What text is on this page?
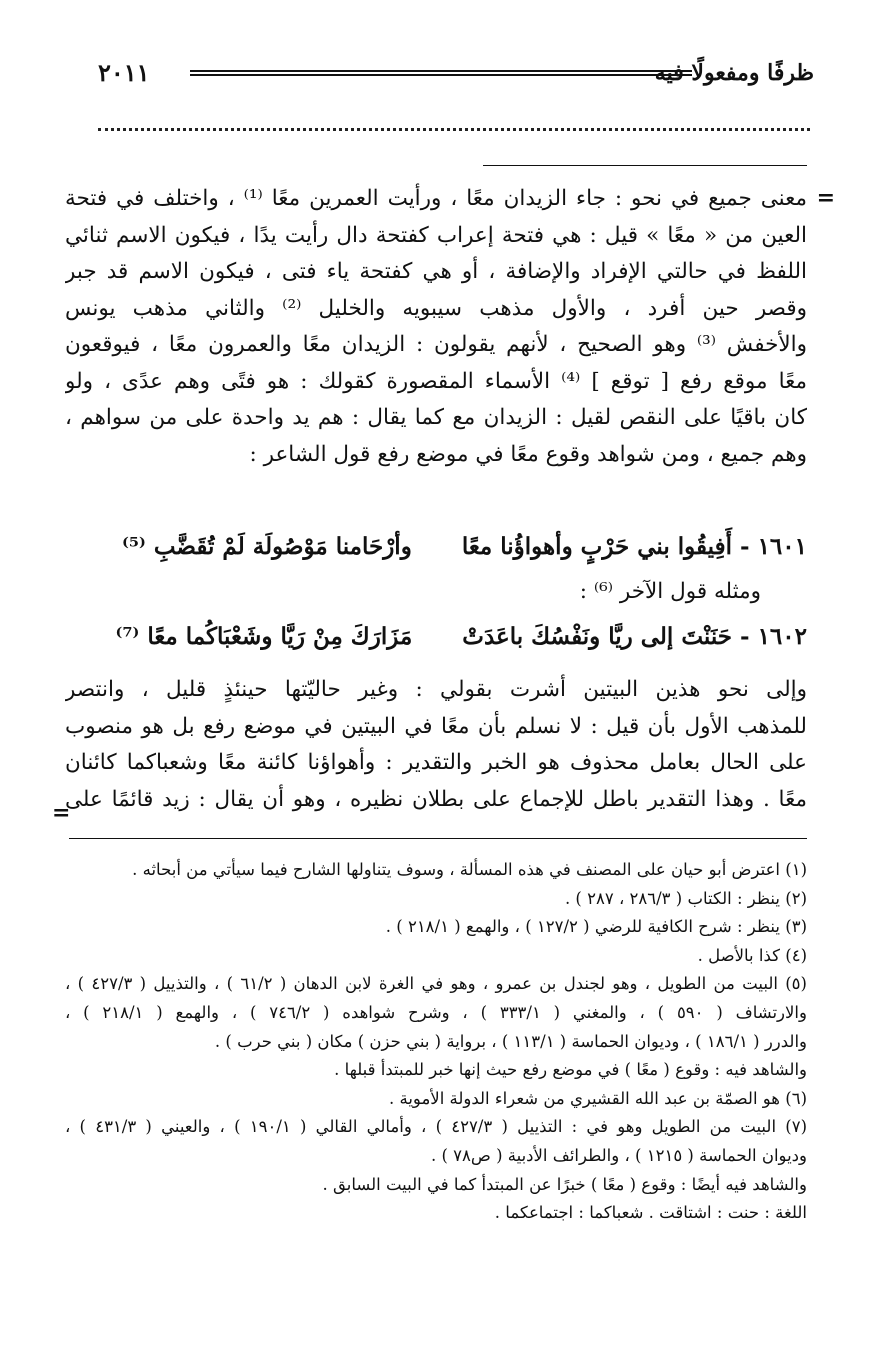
ظرفًا ومفعولًا فيه
٢٠١١
=
معنى جميع في نحو : جاء الزيدان معًا ، ورأيت العمرين معًا ⁽¹⁾ ، واختلف في فتحة
العين من « معًا » قيل : هي فتحة إعراب كفتحة دال رأيت يدًا ، فيكون الاسم ثنائي
اللفظ في حالتي الإفراد والإضافة ، أو هي كفتحة ياء فتى ، فيكون الاسم قد جبر
وقصر حين أفرد ، والأول مذهب سيبويه والخليل ⁽²⁾ والثاني مذهب يونس
والأخفش ⁽³⁾ وهو الصحيح ، لأنهم يقولون : الزيدان معًا والعمرون معًا ، فيوقعون
معًا موقع رفع [ توقع ] ⁽⁴⁾ الأسماء المقصورة كقولك : هو فتًى وهم عدًى ، ولو
كان باقيًا على النقص لقيل : الزيدان مع كما يقال : هم يد واحدة على من سواهم ،
وهم جميع ، ومن شواهد وقوع معًا في موضع رفع قول الشاعر :
١٦٠١ - أَفِيقُوا بني حَرْبٍ وأهواؤُنا معًا  وأرْحَامنا مَوْصُولَة لَمْ تُقَضَّبِ ⁽⁵⁾
ومثله قول الآخر ⁽⁶⁾ :
١٦٠٢ - حَنَنْتَ إلى ريَّا ونَفْسُكَ باعَدَتْ  مَزَارَكَ مِنْ رَيَّا وشَعْبَاكُما معًا ⁽⁷⁾
وإلى نحو هذين البيتين أشرت بقولي : وغير حاليّتها حينئذٍ قليل ، وانتصر
للمذهب الأول بأن قيل : لا نسلم بأن معًا في البيتين في موضع رفع بل هو منصوب
على الحال بعامل محذوف هو الخبر والتقدير : وأهواؤنا كائنة معًا وشعباكما كائنان
معًا . وهذا التقدير باطل للإجماع على بطلان نظيره ، وهو أن يقال : زيد قائمًا على
=
(١) اعترض أبو حيان على المصنف في هذه المسألة ، وسوف يتناولها الشارح فيما سيأتي من أبحاثه .
(٢) ينظر : الكتاب ( ٢٨٦/٣ ، ٢٨٧ ) .
(٣) ينظر : شرح الكافية للرضي ( ١٢٧/٢ ) ، والهمع ( ٢١٨/١ ) .
(٤) كذا بالأصل .
(٥) البيت من الطويل ، وهو لجندل بن عمرو ، وهو في الغرة لابن الدهان ( ٦١/٢ ) ، والتذييل ( ٤٢٧/٣ ) ،
والارتشاف ( ٥٩٠ ) ، والمغني ( ٣٣٣/١ ) ، وشرح شواهده ( ٧٤٦/٢ ) ، والهمع ( ٢١٨/١ ) ،
والدرر ( ١٨٦/١ ) ، وديوان الحماسة ( ١١٣/١ ) ، برواية ( بني حزن ) مكان ( بني حرب ) .
والشاهد فيه : وقوع ( معًا ) في موضع رفع حيث إنها خبر للمبتدأ قبلها .
(٦) هو الصمّة بن عبد الله القشيري من شعراء الدولة الأموية .
(٧) البيت من الطويل وهو في : التذييل ( ٤٢٧/٣ ) ، وأمالي القالي ( ١٩٠/١ ) ، والعيني ( ٤٣١/٣ ) ،
وديوان الحماسة ( ١٢١٥ ) ، والطرائف الأدبية ( ص٧٨ ) .
والشاهد فيه أيضًا : وقوع ( معًا ) خبرًا عن المبتدأ كما في البيت السابق .
اللغة : حنت : اشتاقت . شعباكما : اجتماعكما .
